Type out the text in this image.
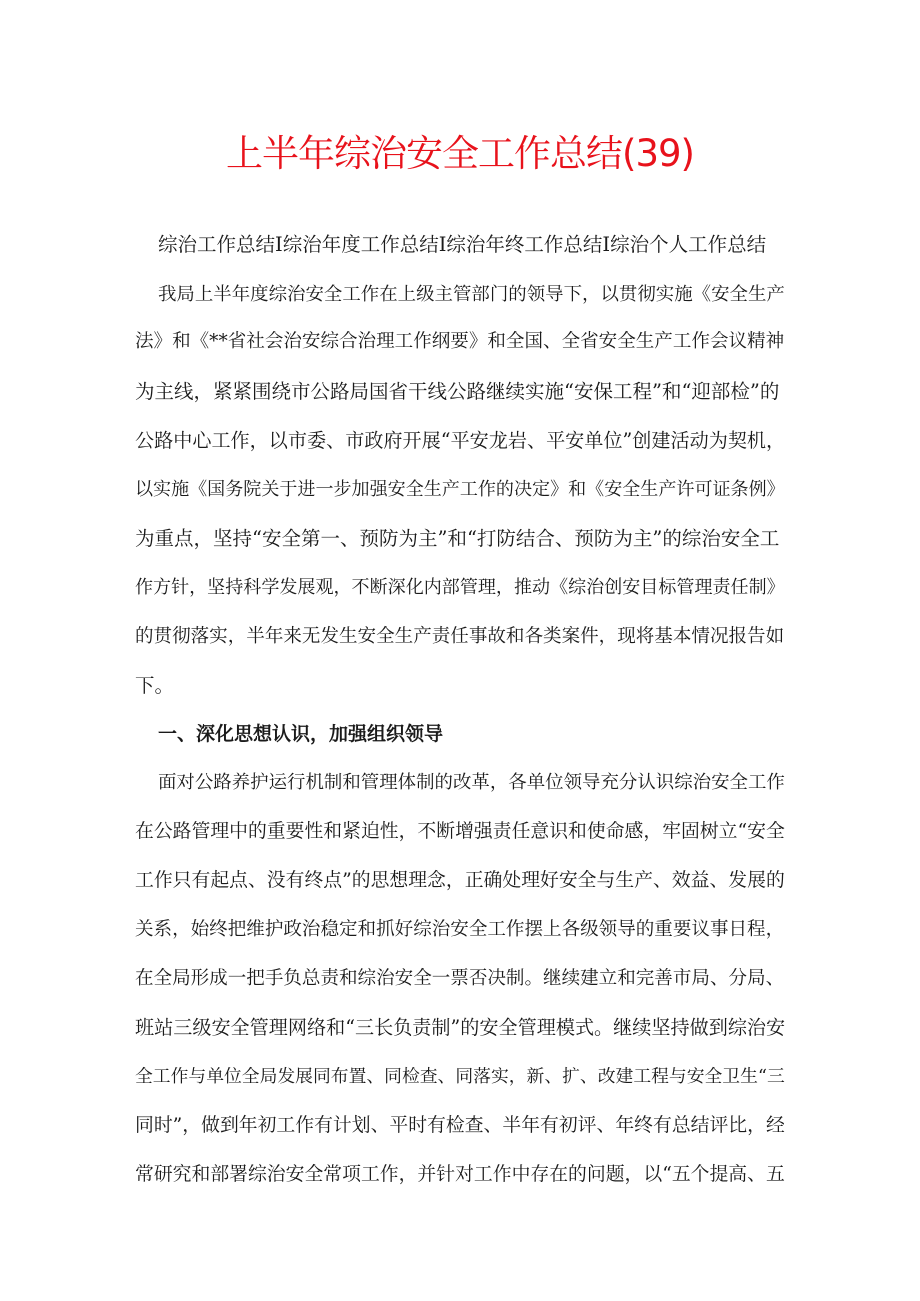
上半年综治安全工作总结(39)
综治工作总结I综治年度工作总结I综治年终工作总结I综治个人工作总结
我局上半年度综治安全工作在上级主管部门的领导下，以贯彻实施《安全生产
法》和《**省社会治安综合治理工作纲要》和全国、全省安全生产工作会议精神
为主线，紧紧围绕市公路局国省干线公路继续实施“安保工程”和“迎部检”的
公路中心工作，以市委、市政府开展“平安龙岩、平安单位”创建活动为契机，
以实施《国务院关于进一步加强安全生产工作的决定》和《安全生产许可证条例》
为重点，坚持“安全第一、预防为主”和“打防结合、预防为主”的综治安全工
作方针，坚持科学发展观，不断深化内部管理，推动《综治创安目标管理责任制》
的贯彻落实，半年来无发生安全生产责任事故和各类案件，现将基本情况报告如
下。
一、深化思想认识，加强组织领导
面对公路养护运行机制和管理体制的改革，各单位领导充分认识综治安全工作
在公路管理中的重要性和紧迫性，不断增强责任意识和使命感，牢固树立“安全
工作只有起点、没有终点”的思想理念，正确处理好安全与生产、效益、发展的
关系，始终把维护政治稳定和抓好综治安全工作摆上各级领导的重要议事日程，
在全局形成一把手负总责和综治安全一票否决制。继续建立和完善市局、分局、
班站三级安全管理网络和“三长负责制”的安全管理模式。继续坚持做到综治安
全工作与单位全局发展同布置、同检查、同落实，新、扩、改建工程与安全卫生“三
同时”，做到年初工作有计划、平时有检查、半年有初评、年终有总结评比，经
常研究和部署综治安全常项工作，并针对工作中存在的问题，以“五个提高、五
